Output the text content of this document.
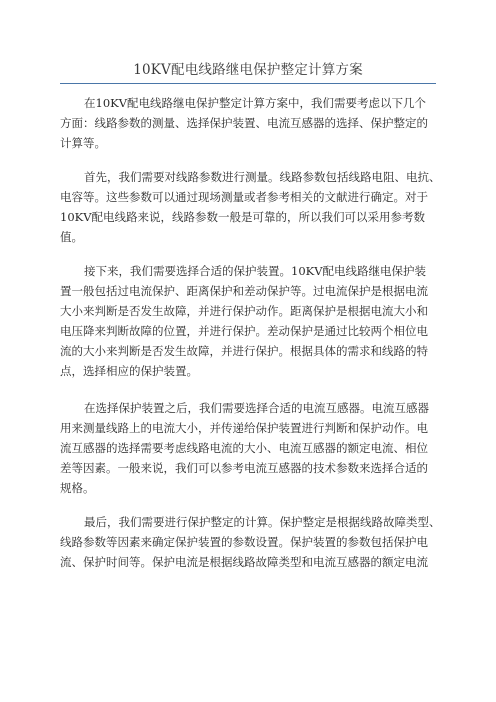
10KV配电线路继电保护整定计算方案
在10KV配电线路继电保护整定计算方案中，我们需要考虑以下几个
方面：线路参数的测量、选择保护装置、电流互感器的选择、保护整定的
计算等。
首先，我们需要对线路参数进行测量。线路参数包括线路电阻、电抗、
电容等。这些参数可以通过现场测量或者参考相关的文献进行确定。对于
10KV配电线路来说，线路参数一般是可靠的，所以我们可以采用参考数
值。
接下来，我们需要选择合适的保护装置。10KV配电线路继电保护装
置一般包括过电流保护、距离保护和差动保护等。过电流保护是根据电流
大小来判断是否发生故障，并进行保护动作。距离保护是根据电流大小和
电压降来判断故障的位置，并进行保护。差动保护是通过比较两个相位电
流的大小来判断是否发生故障，并进行保护。根据具体的需求和线路的特
点，选择相应的保护装置。
在选择保护装置之后，我们需要选择合适的电流互感器。电流互感器
用来测量线路上的电流大小，并传递给保护装置进行判断和保护动作。电
流互感器的选择需要考虑线路电流的大小、电流互感器的额定电流、相位
差等因素。一般来说，我们可以参考电流互感器的技术参数来选择合适的
规格。
最后，我们需要进行保护整定的计算。保护整定是根据线路故障类型、
线路参数等因素来确定保护装置的参数设置。保护装置的参数包括保护电
流、保护时间等。保护电流是根据线路故障类型和电流互感器的额定电流
